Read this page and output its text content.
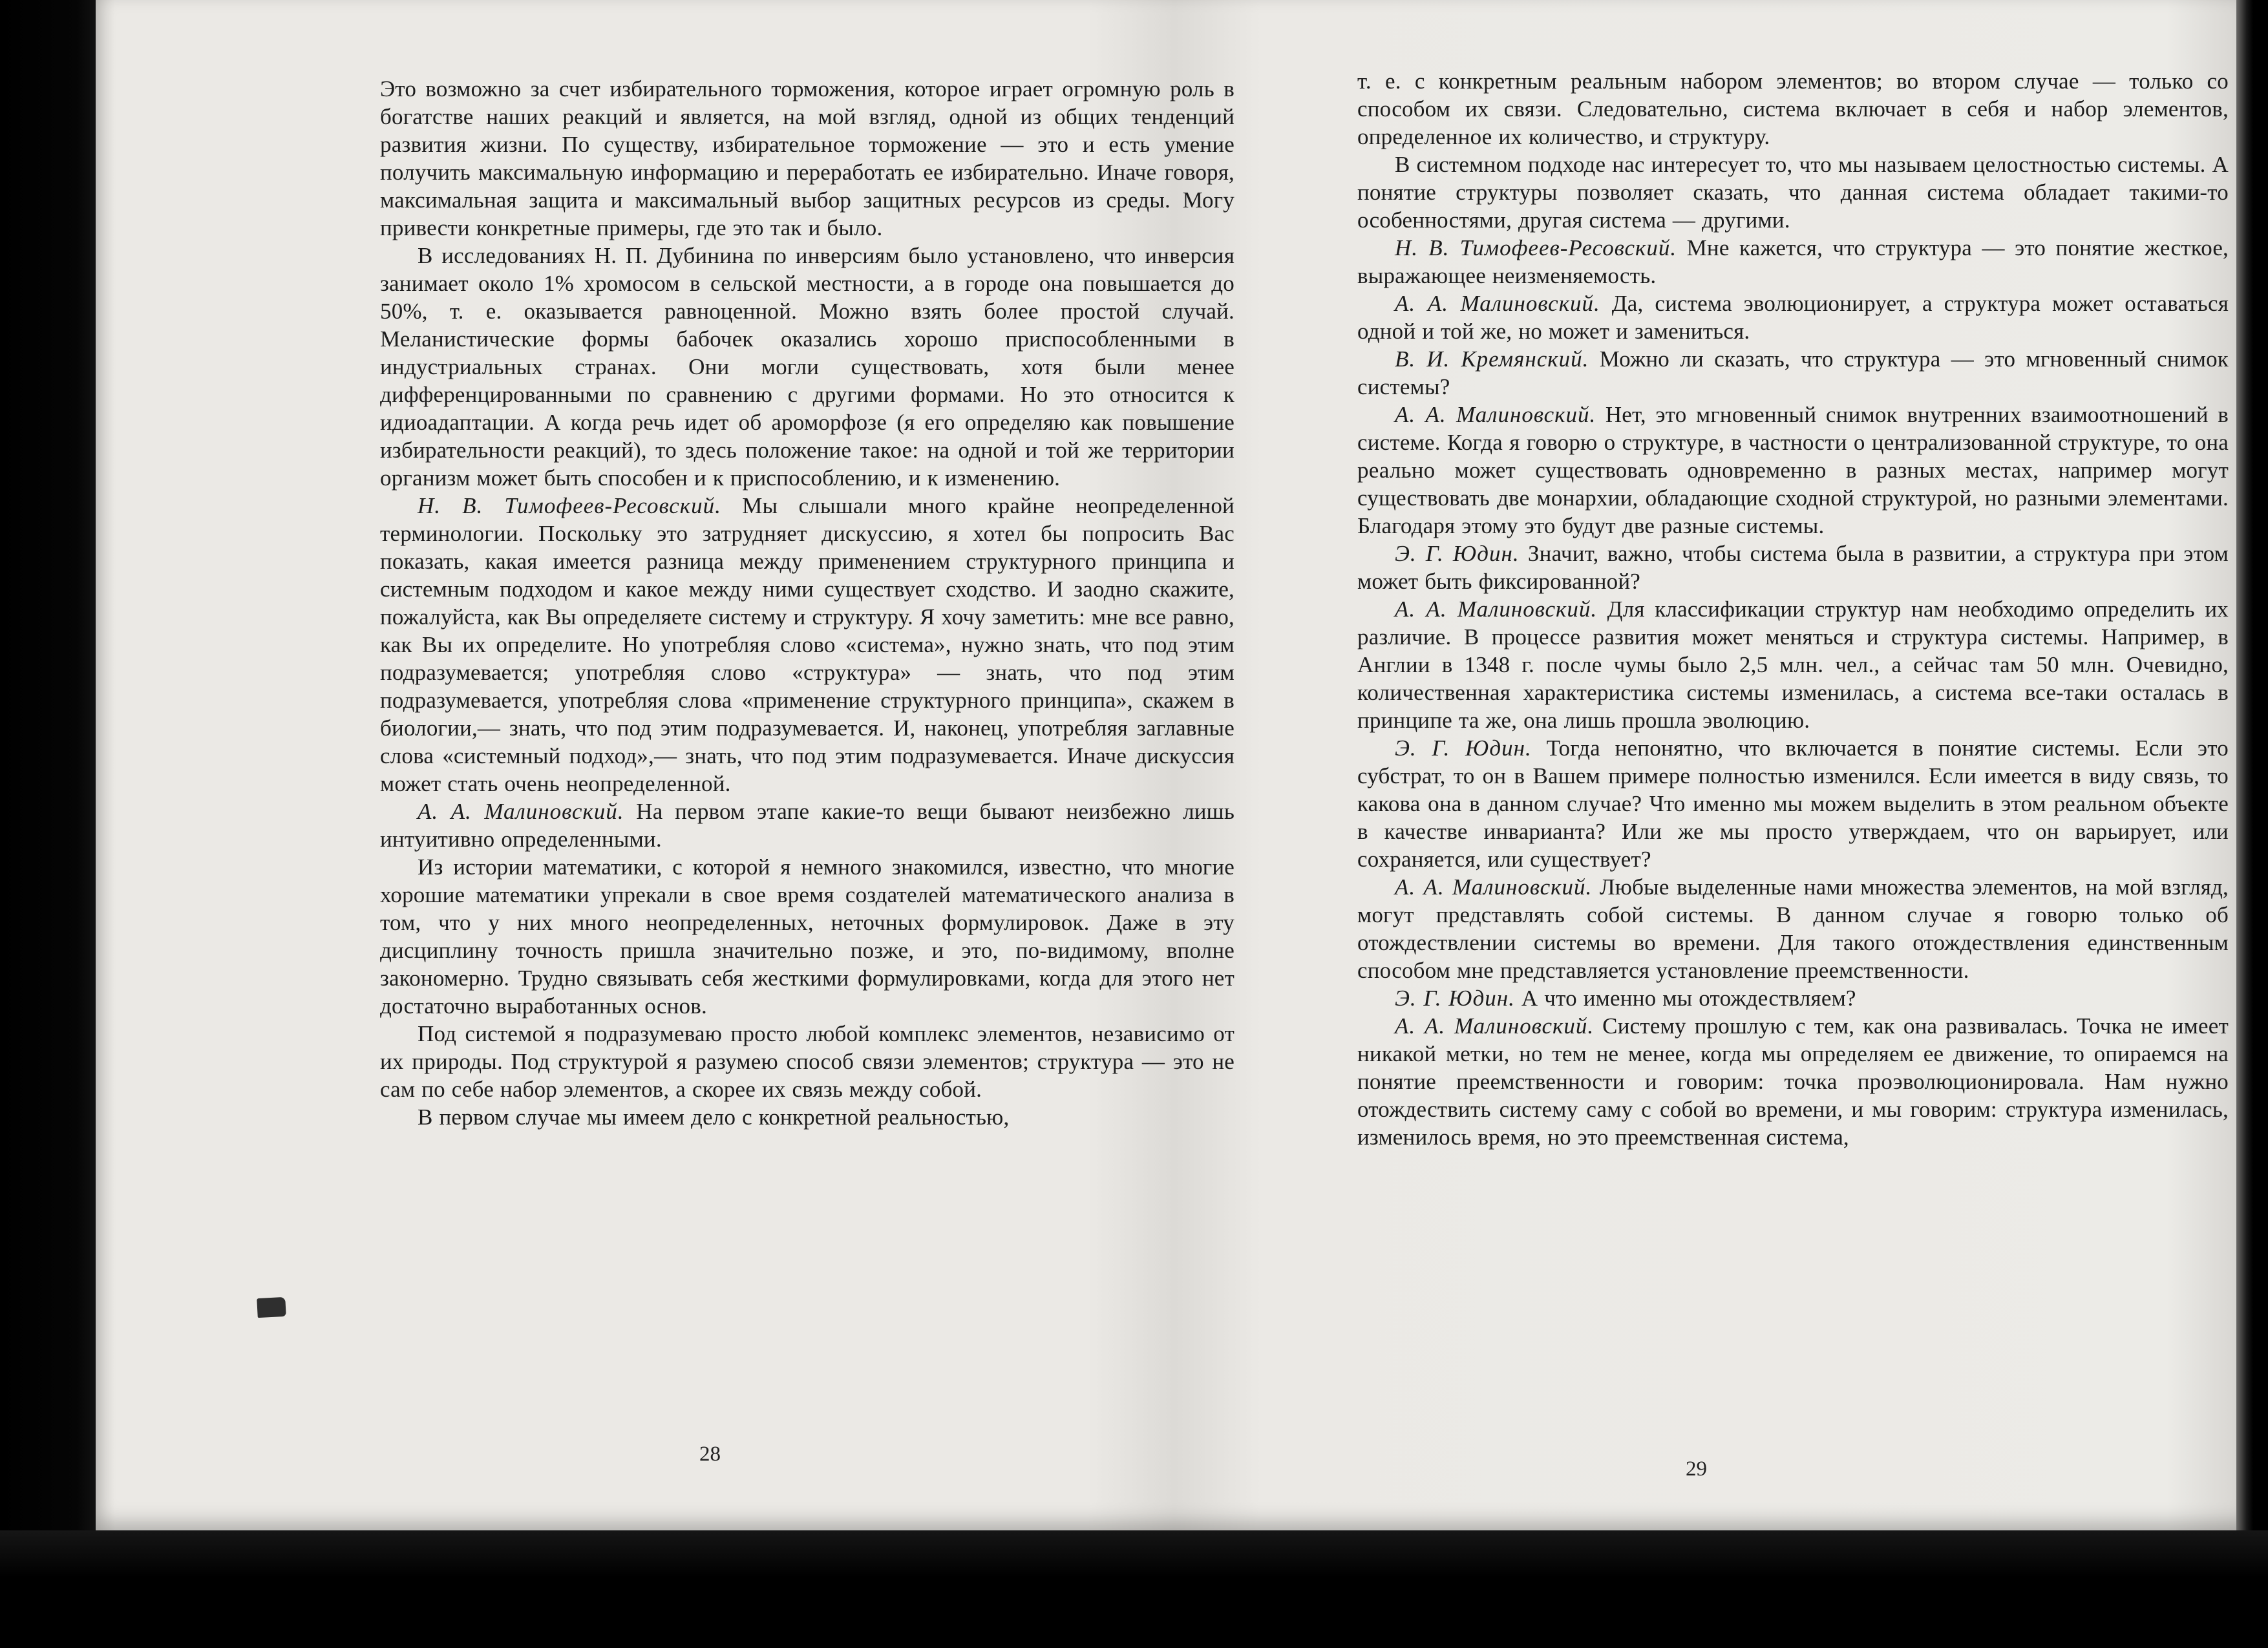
Это возможно за счет избирательного торможения, которое играет огромную роль в богатстве наших реакций и является, на мой взгляд, одной из общих тенденций развития жизни. По существу, избирательное торможение — это и есть умение получить максимальную информацию и переработать ее избирательно. Иначе говоря, максимальная защита и максимальный выбор защитных ресурсов из среды. Могу привести конкретные примеры, где это так и было.

В исследованиях Н. П. Дубинина по инверсиям было установлено, что инверсия занимает около 1% хромосом в сельской местности, а в городе она повышается до 50%, т. е. оказывается равноценной. Можно взять более простой случай. Меланистические формы бабочек оказались хорошо приспособленными в индустриальных странах. Они могли существовать, хотя были менее дифференцированными по сравнению с другими формами. Но это относится к идиоадаптации. А когда речь идет об ароморфозе (я его определяю как повышение избирательности реакций), то здесь положение такое: на одной и той же территории организм может быть способен и к приспособлению, и к изменению.

Н. В. Тимофеев-Ресовский. Мы слышали много крайне неопределенной терминологии. Поскольку это затрудняет дискуссию, я хотел бы попросить Вас показать, какая имеется разница между применением структурного принципа и системным подходом и какое между ними существует сходство. И заодно скажите, пожалуйста, как Вы определяете систему и структуру. Я хочу заметить: мне все равно, как Вы их определите. Но употребляя слово «система», нужно знать, что под этим подразумевается; употребляя слово «структура» — знать, что под этим подразумевается, употребляя слова «применение структурного принципа», скажем в биологии,— знать, что под этим подразумевается. И, наконец, употребляя заглавные слова «системный подход»,— знать, что под этим подразумевается. Иначе дискуссия может стать очень неопределенной.

А. А. Малиновский. На первом этапе какие-то вещи бывают неизбежно лишь интуитивно определенными.

Из истории математики, с которой я немного знакомился, известно, что многие хорошие математики упрекали в свое время создателей математического анализа в том, что у них много неопределенных, неточных формулировок. Даже в эту дисциплину точность пришла значительно позже, и это, по-видимому, вполне закономерно. Трудно связывать себя жесткими формулировками, когда для этого нет достаточно выработанных основ.

Под системой я подразумеваю просто любой комплекс элементов, независимо от их природы. Под структурой я разумею способ связи элементов; структура — это не сам по себе набор элементов, а скорее их связь между собой.

В первом случае мы имеем дело с конкретной реальностью,

т. е. с конкретным реальным набором элементов; во втором случае — только со способом их связи. Следовательно, система включает в себя и набор элементов, определенное их количество, и структуру.

В системном подходе нас интересует то, что мы называем целостностью системы. А понятие структуры позволяет сказать, что данная система обладает такими-то особенностями, другая система — другими.

Н. В. Тимофеев-Ресовский. Мне кажется, что структура — это понятие жесткое, выражающее неизменяемость.

А. А. Малиновский. Да, система эволюционирует, а структура может оставаться одной и той же, но может и замениться.

В. И. Кремянский. Можно ли сказать, что структура — это мгновенный снимок системы?

А. А. Малиновский. Нет, это мгновенный снимок внутренних взаимоотношений в системе. Когда я говорю о структуре, в частности о централизованной структуре, то она реально может существовать одновременно в разных местах, например могут существовать две монархии, обладающие сходной структурой, но разными элементами. Благодаря этому это будут две разные системы.

Э. Г. Юдин. Значит, важно, чтобы система была в развитии, а структура при этом может быть фиксированной?

А. А. Малиновский. Для классификации структур нам необходимо определить их различие. В процессе развития может меняться и структура системы. Например, в Англии в 1348 г. после чумы было 2,5 млн. чел., а сейчас там 50 млн. Очевидно, количественная характеристика системы изменилась, а система все-таки осталась в принципе та же, она лишь прошла эволюцию.

Э. Г. Юдин. Тогда непонятно, что включается в понятие системы. Если это субстрат, то он в Вашем примере полностью изменился. Если имеется в виду связь, то какова она в данном случае? Что именно мы можем выделить в этом реальном объекте в качестве инварианта? Или же мы просто утверждаем, что он варьирует, или сохраняется, или существует?

А. А. Малиновский. Любые выделенные нами множества элементов, на мой взгляд, могут представлять собой системы. В данном случае я говорю только об отождествлении системы во времени. Для такого отождествления единственным способом мне представляется установление преемственности.

Э. Г. Юдин. А что именно мы отождествляем?

А. А. Малиновский. Систему прошлую с тем, как она развивалась. Точка не имеет никакой метки, но тем не менее, когда мы определяем ее движение, то опираемся на понятие преемственности и говорим: точка проэволюционировала. Нам нужно отождествить систему саму с собой во времени, и мы говорим: структура изменилась, изменилось время, но это преемственная система,

28
29
